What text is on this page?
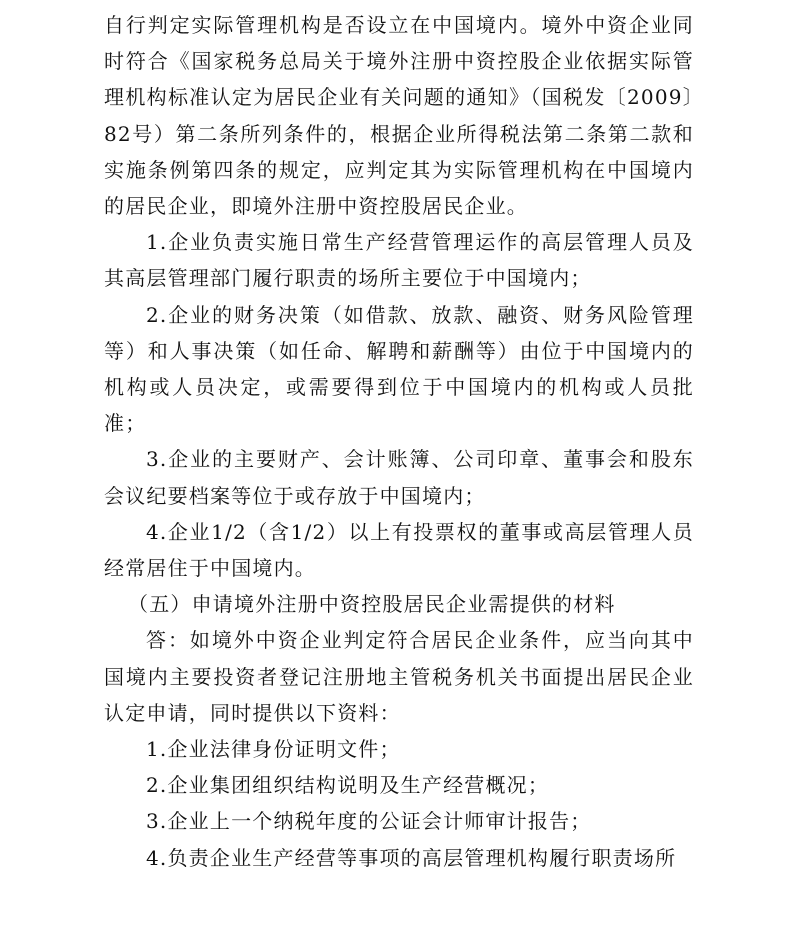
自行判定实际管理机构是否设立在中国境内。境外中资企业同时符合《国家税务总局关于境外注册中资控股企业依据实际管理机构标准认定为居民企业有关问题的通知》（国税发〔2009〕82号）第二条所列条件的，根据企业所得税法第二条第二款和实施条例第四条的规定，应判定其为实际管理机构在中国境内的居民企业，即境外注册中资控股居民企业。

1.企业负责实施日常生产经营管理运作的高层管理人员及其高层管理部门履行职责的场所主要位于中国境内；

2.企业的财务决策（如借款、放款、融资、财务风险管理等）和人事决策（如任命、解聘和薪酬等）由位于中国境内的机构或人员决定，或需要得到位于中国境内的机构或人员批准；

3.企业的主要财产、会计账簿、公司印章、董事会和股东会议纪要档案等位于或存放于中国境内；

4.企业1/2（含1/2）以上有投票权的董事或高层管理人员经常居住于中国境内。

（五）申请境外注册中资控股居民企业需提供的材料

答：如境外中资企业判定符合居民企业条件，应当向其中国境内主要投资者登记注册地主管税务机关书面提出居民企业认定申请，同时提供以下资料：

1.企业法律身份证明文件；

2.企业集团组织结构说明及生产经营概况；

3.企业上一个纳税年度的公证会计师审计报告；

4.负责企业生产经营等事项的高层管理机构履行职责场所
